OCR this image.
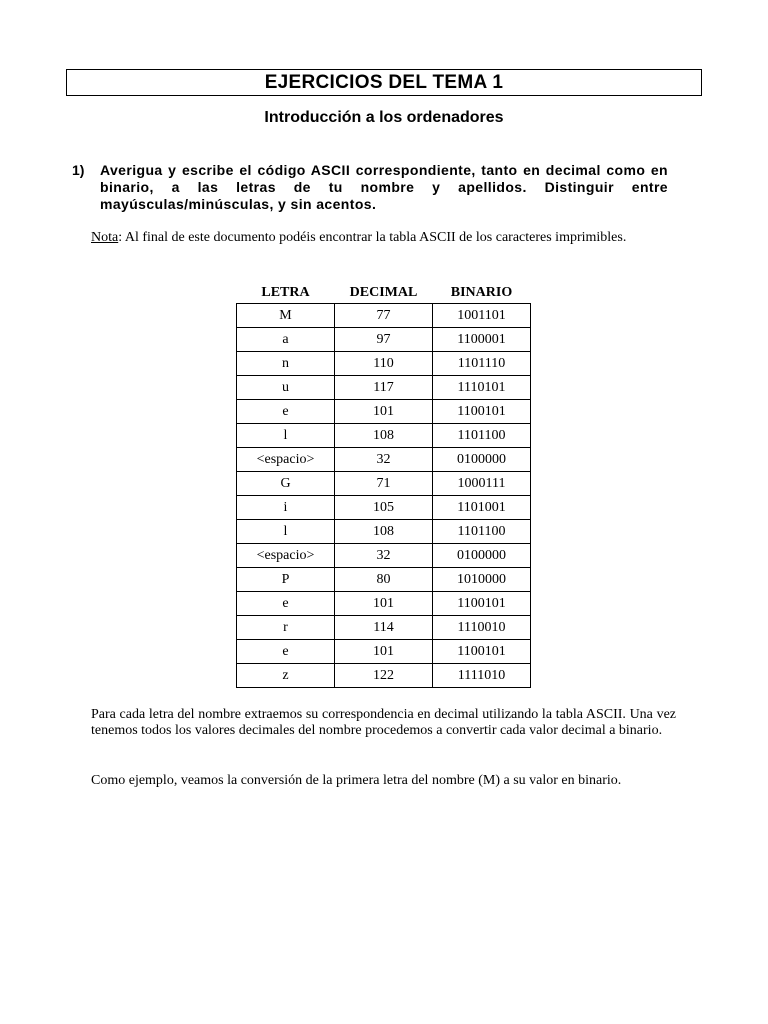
EJERCICIOS DEL TEMA 1
Introducción a los ordenadores
1) Averigua y escribe el código ASCII correspondiente, tanto en decimal como en binario, a las letras de tu nombre y apellidos. Distinguir entre mayúsculas/minúsculas, y sin acentos.
Nota: Al final de este documento podéis encontrar la tabla ASCII de los caracteres imprimibles.
LETRA	DECIMAL	BINARIO
M	77	1001101
a	97	1100001
n	110	1101110
u	117	1110101
e	101	1100101
l	108	1101100
<espacio>	32	0100000
G	71	1000111
i	105	1101001
l	108	1101100
<espacio>	32	0100000
P	80	1010000
e	101	1100101
r	114	1110010
e	101	1100101
z	122	1111010
Para cada letra del nombre extraemos su correspondencia en decimal utilizando la tabla ASCII. Una vez tenemos todos los valores decimales del nombre procedemos a convertir cada valor decimal a binario.
Como ejemplo, veamos la conversión de la primera letra del nombre (M) a su valor en binario.
